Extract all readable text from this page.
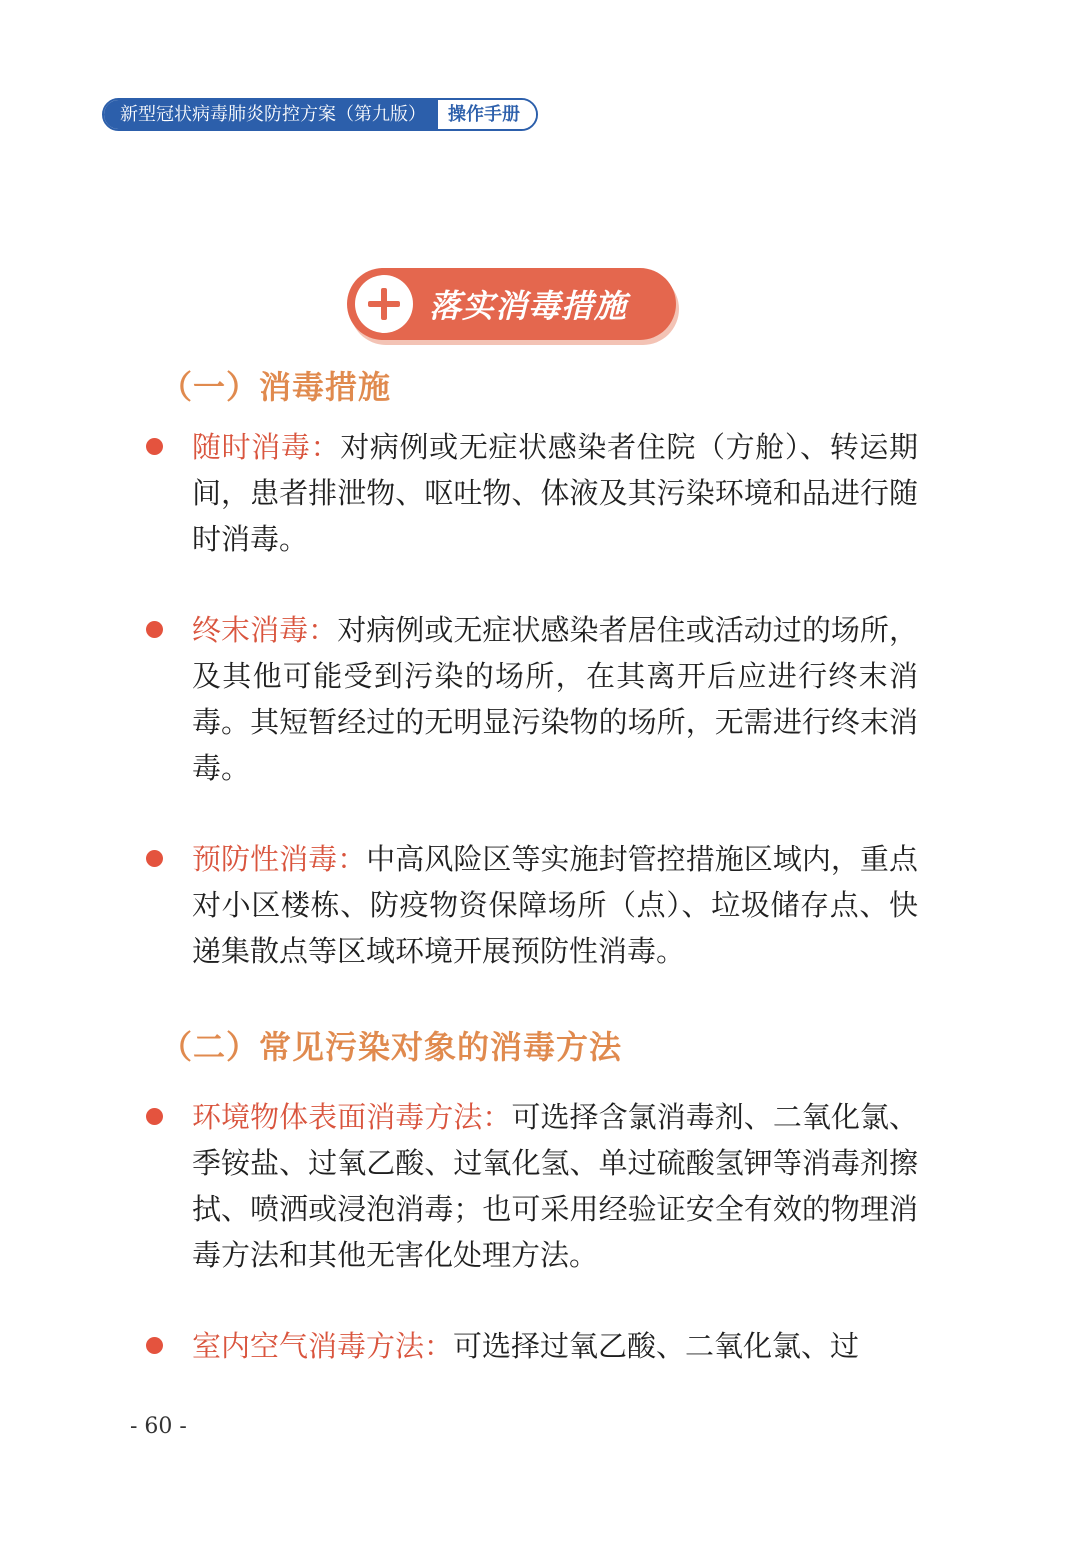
新型冠状病毒肺炎防控方案（第九版）	操作手册
落实消毒措施
（一）消毒措施
随时消毒：对病例或无症状感染者住院（方舱）、转运期间，患者排泄物、呕吐物、体液及其污染环境和品进行随时消毒。
终末消毒：对病例或无症状感染者居住或活动过的场所，及其他可能受到污染的场所，在其离开后应进行终末消毒。其短暂经过的无明显污染物的场所，无需进行终末消毒。
预防性消毒：中高风险区等实施封管控措施区域内，重点对小区楼栋、防疫物资保障场所（点）、垃圾储存点、快递集散点等区域环境开展预防性消毒。
（二）常见污染对象的消毒方法
环境物体表面消毒方法：可选择含氯消毒剂、二氧化氯、季铵盐、过氧乙酸、过氧化氢、单过硫酸氢钾等消毒剂擦拭、喷洒或浸泡消毒；也可采用经验证安全有效的物理消毒方法和其他无害化处理方法。
室内空气消毒方法：可选择过氧乙酸、二氧化氯、过
- 60 -
